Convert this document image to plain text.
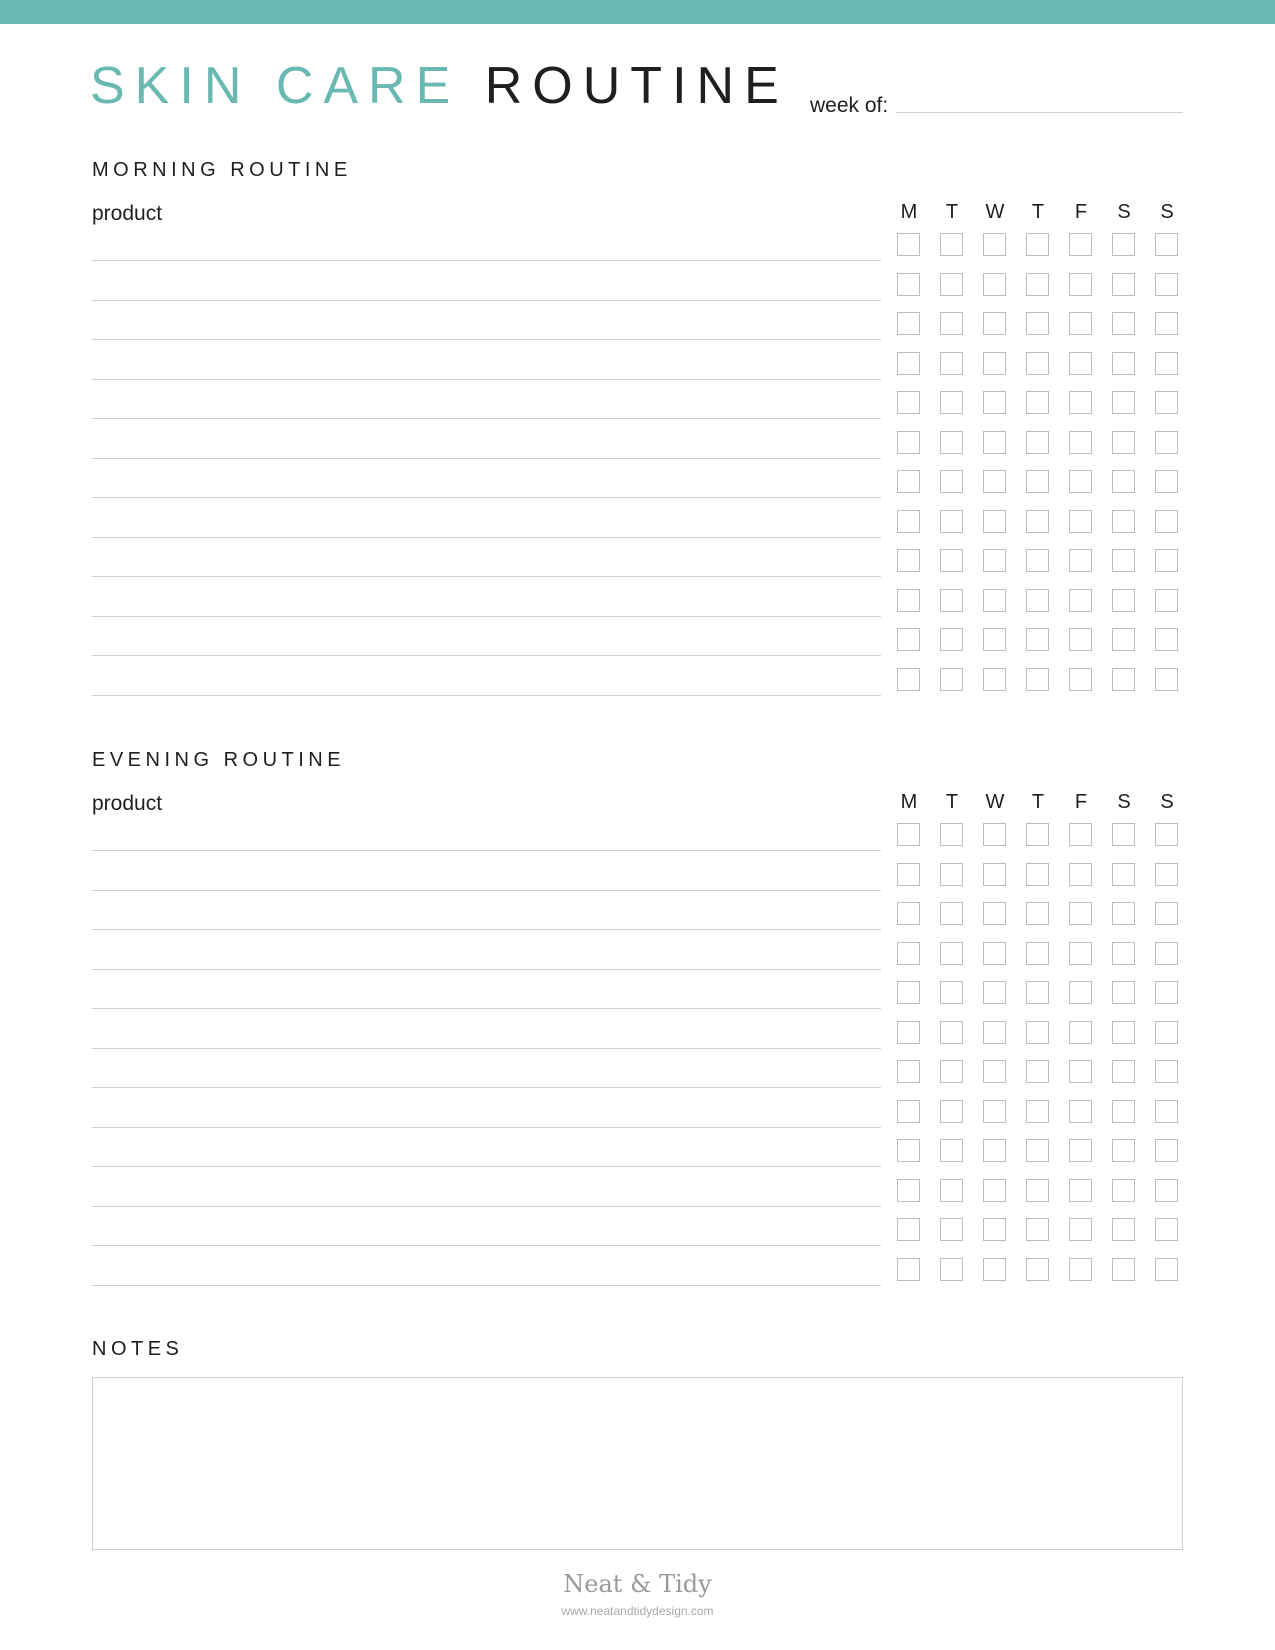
SKIN CARE ROUTINE week of:
MORNING ROUTINE
product	M	T	W	T	F	S	S
EVENING ROUTINE
product	M	T	W	T	F	S	S
NOTES
Neat & Tidy
www.neatandtidydesign.com
